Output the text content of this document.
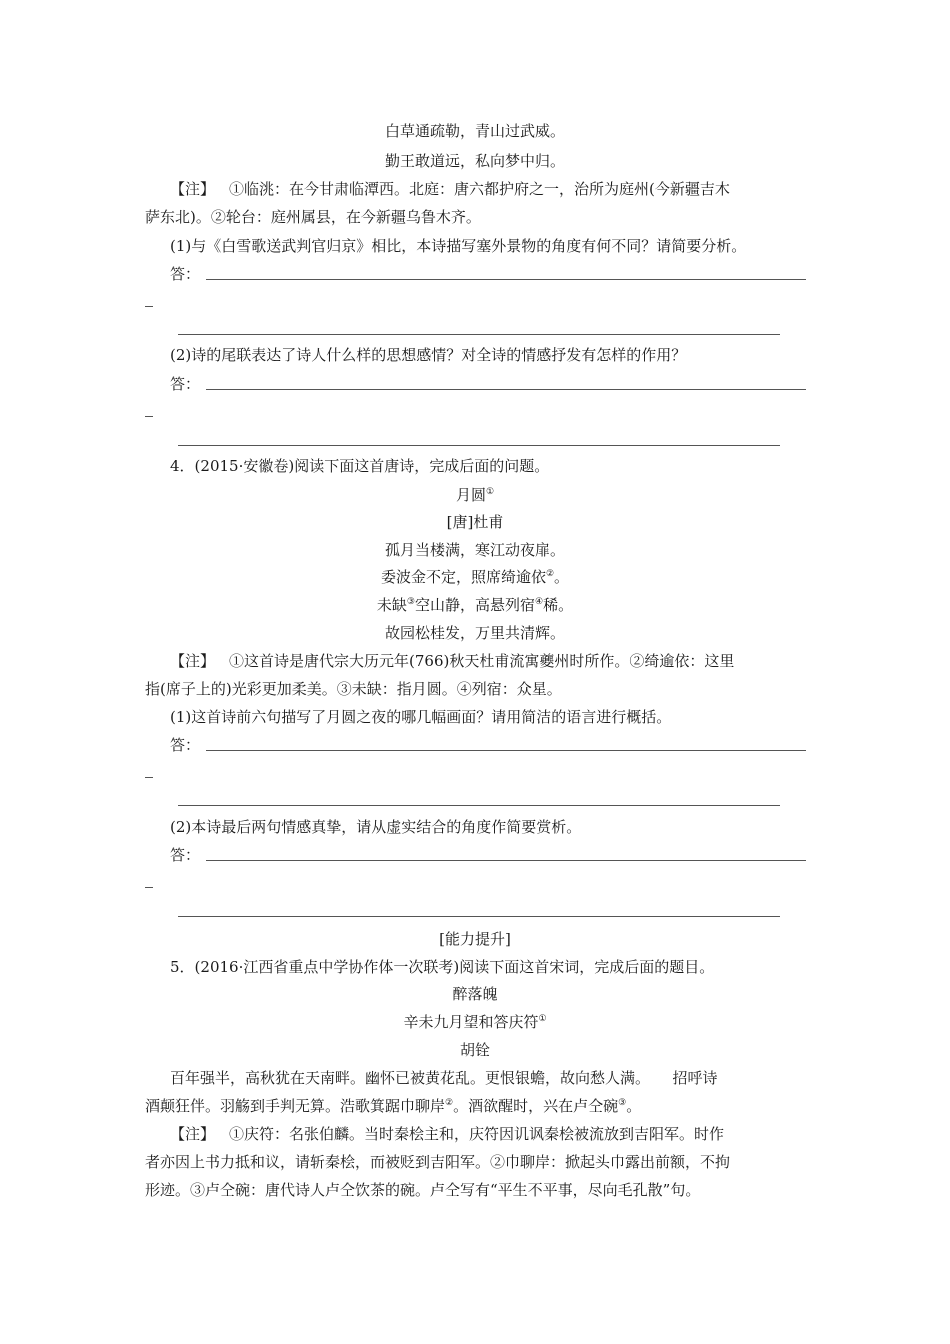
白草通疏勒，青山过武威。
勤王敢道远，私向梦中归。
【注】 ①临洮：在今甘肃临潭西。北庭：唐六都护府之一，治所为庭州(今新疆吉木
萨东北)。②轮台：庭州属县，在今新疆乌鲁木齐。
(1)与《白雪歌送武判官归京》相比，本诗描写塞外景物的角度有何不同？请简要分析。
答：
(2)诗的尾联表达了诗人什么样的思想感情？对全诗的情感抒发有怎样的作用？
答：
4．(2015·安徽卷)阅读下面这首唐诗，完成后面的问题。
月圆①
[唐]杜甫
孤月当楼满，寒江动夜扉。
委波金不定，照席绮逾依②。
未缺③空山静，高悬列宿④稀。
故园松桂发，万里共清辉。
【注】 ①这首诗是唐代宗大历元年(766)秋天杜甫流寓夔州时所作。②绮逾依：这里
指(席子上的)光彩更加柔美。③未缺：指月圆。④列宿：众星。
(1)这首诗前六句描写了月圆之夜的哪几幅画面？请用简洁的语言进行概括。
答：
(2)本诗最后两句情感真挚，请从虚实结合的角度作简要赏析。
答：
[能力提升]
5．(2016·江西省重点中学协作体一次联考)阅读下面这首宋词，完成后面的题目。
醉落魄
辛未九月望和答庆符①
胡铨
百年强半，高秋犹在天南畔。幽怀已被黄花乱。更恨银蟾，故向愁人满。　　招呼诗
酒颠狂伴。羽觞到手判无算。浩歌箕踞巾聊岸②。酒欲醒时，兴在卢仝碗③。
【注】 ①庆符：名张伯麟。当时秦桧主和，庆符因讥讽秦桧被流放到吉阳军。时作
者亦因上书力抵和议，请斩秦桧，而被贬到吉阳军。②巾聊岸：掀起头巾露出前额，不拘
形迹。③卢仝碗：唐代诗人卢仝饮茶的碗。卢仝写有“平生不平事，尽向毛孔散”句。
